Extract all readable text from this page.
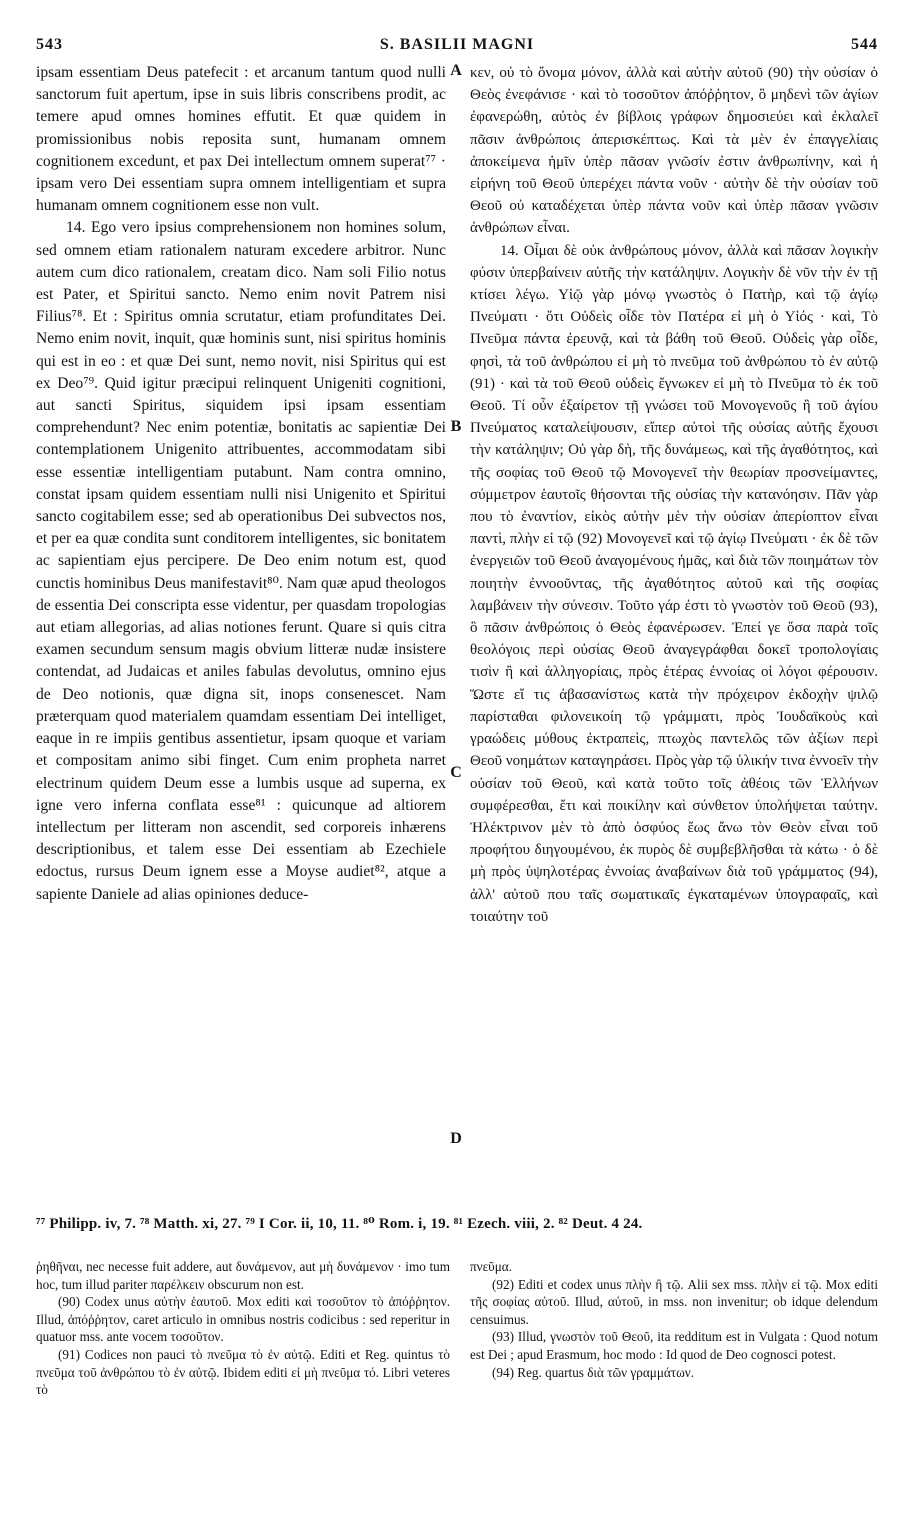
543	S. BASILII MAGNI	544

ipsam essentiam Deus patefecit : et arcanum tantum quod nulli sanctorum fuit apertum, ipse in suis libris conscribens prodit, ac temere apud omnes homines effutit. Et quæ quidem in promissionibus nobis reposita sunt, humanam omnem cognitionem excedunt, et pax Dei intellectum omnem superat⁷⁷ · ipsam vero Dei essentiam supra omnem intelligentiam et supra humanam omnem cognitionem esse non vult.

14. Ego vero ipsius comprehensionem non homines solum, sed omnem etiam rationalem naturam excedere arbitror. Nunc autem cum dico rationalem, creatam dico. Nam soli Filio notus est Pater, et Spiritui sancto. Nemo enim novit Patrem nisi Filius⁷⁸. Et : Spiritus omnia scrutatur, etiam profunditates Dei. Nemo enim novit, inquit, quæ hominis sunt, nisi spiritus hominis qui est in eo : et quæ Dei sunt, nemo novit, nisi Spiritus qui est ex Deo⁷⁹. Quid igitur præcipui relinquent Unigeniti cognitioni, aut sancti Spiritus, siquidem ipsi ipsam essentiam comprehendunt? Nec enim potentiæ, bonitatis ac sapientiæ Dei contemplationem Unigenito attribuentes, accommodatam sibi esse essentiæ intelligentiam putabunt. Nam contra omnino, constat ipsam quidem essentiam nulli nisi Unigenito et Spiritui sancto cogitabilem esse; sed ab operationibus Dei subvectos nos, et per ea quæ condita sunt conditorem intelligentes, sic bonitatem ac sapientiam ejus percipere. De Deo enim notum est, quod cunctis hominibus Deus manifestavit⁸⁰. Nam quæ apud theologos de essentia Dei conscripta esse videntur, per quasdam tropologias aut etiam allegorias, ad alias notiones ferunt. Quare si quis citra examen secundum sensum magis obvium litteræ nudæ insistere contendat, ad Judaicas et aniles fabulas devolutus, omnino ejus de Deo notionis, quæ digna sit, inops consenescet. Nam præterquam quod materialem quamdam essentiam Dei intelliget, eaque in re impiis gentibus assentietur, ipsam quoque et variam et compositam animo sibi finget. Cum enim propheta narret electrinum quidem Deum esse a lumbis usque ad superna, ex igne vero inferna conflata esse⁸¹ : quicunque ad altiorem intellectum per litteram non ascendit, sed corporeis inhærens descriptionibus, et talem esse Dei essentiam ab Ezechiele edoctus, rursus Deum ignem esse a Moyse audiet⁸², atque a sapiente Daniele ad alias opiniones deduce-

A
B
C
D

κεν, οὐ τὸ ὄνομα μόνον, ἀλλὰ καὶ αὐτὴν αὐτοῦ (90) τὴν οὐσίαν ὁ Θεὸς ἐνεφάνισε · καὶ τὸ τοσοῦτον ἀπόῤῥητον, ὃ μηδενὶ τῶν ἁγίων ἐφανερώθη, αὐτὸς ἐν βίβλοις γράφων δημοσιεύει καὶ ἐκλαλεῖ πᾶσιν ἀνθρώποις ἀπερισκέπτως. Καὶ τὰ μὲν ἐν ἐπαγγελίαις ἀποκείμενα ἡμῖν ὑπὲρ πᾶσαν γνῶσίν ἐστιν ἀνθρωπίνην, καὶ ἡ εἰρήνη τοῦ Θεοῦ ὑπερέχει πάντα νοῦν · αὐτὴν δὲ τὴν οὐσίαν τοῦ Θεοῦ οὐ καταδέχεται ὑπὲρ πάντα νοῦν καὶ ὑπὲρ πᾶσαν γνῶσιν ἀνθρώπων εἶναι.

14. Οἶμαι δὲ οὐκ ἀνθρώπους μόνον, ἀλλὰ καὶ πᾶσαν λογικὴν φύσιν ὑπερβαίνειν αὐτῆς τὴν κατάληψιν. Λογικὴν δὲ νῦν τὴν ἐν τῇ κτίσει λέγω. Υἱῷ γὰρ μόνῳ γνωστὸς ὁ Πατὴρ, καὶ τῷ ἁγίῳ Πνεύματι · ὅτι Οὐδεὶς οἶδε τὸν Πατέρα εἰ μὴ ὁ Υἱός · καὶ, Τὸ Πνεῦμα πάντα ἐρευνᾷ, καὶ τὰ βάθη τοῦ Θεοῦ. Οὐδεὶς γὰρ οἶδε, φησὶ, τὰ τοῦ ἀνθρώπου εἰ μὴ τὸ πνεῦμα τοῦ ἀνθρώπου τὸ ἐν αὐτῷ (91) · καὶ τὰ τοῦ Θεοῦ οὐδεὶς ἔγνωκεν εἰ μὴ τὸ Πνεῦμα τὸ ἐκ τοῦ Θεοῦ. Τί οὖν ἐξαίρετον τῇ γνώσει τοῦ Μονογενοῦς ἢ τοῦ ἁγίου Πνεύματος καταλείψουσιν, εἴπερ αὐτοὶ τῆς οὐσίας αὐτῆς ἔχουσι τὴν κατάληψιν; Οὐ γὰρ δὴ, τῆς δυνάμεως, καὶ τῆς ἀγαθότητος, καὶ τῆς σοφίας τοῦ Θεοῦ τῷ Μονογενεῖ τὴν θεωρίαν προσνείμαντες, σύμμετρον ἑαυτοῖς θήσονται τῆς οὐσίας τὴν κατανόησιν. Πᾶν γὰρ που τὸ ἐναντίον, εἰκὸς αὐτὴν μὲν τὴν οὐσίαν ἀπερίοπτον εἶναι παντὶ, πλὴν εἰ τῷ (92) Μονογενεῖ καὶ τῷ ἁγίῳ Πνεύματι · ἐκ δὲ τῶν ἐνεργειῶν τοῦ Θεοῦ ἀναγομένους ἡμᾶς, καὶ διὰ τῶν ποιημάτων τὸν ποιητὴν ἐννοοῦντας, τῆς ἀγαθότητος αὐτοῦ καὶ τῆς σοφίας λαμβάνειν τὴν σύνεσιν. Τοῦτο γάρ ἐστι τὸ γνωστὸν τοῦ Θεοῦ (93), ὃ πᾶσιν ἀνθρώποις ὁ Θεὸς ἐφανέρωσεν. Ἐπεί γε ὅσα παρὰ τοῖς θεολόγοις περὶ οὐσίας Θεοῦ ἀναγεγράφθαι δοκεῖ τροπολογίαις τισὶν ἢ καὶ ἀλληγορίαις, πρὸς ἑτέρας ἐννοίας οἱ λόγοι φέρουσιν. Ὥστε εἴ τις ἀβασανίστως κατὰ τὴν πρόχειρον ἐκδοχὴν ψιλῷ παρίσταθαι φιλονεικοίη τῷ γράμματι, πρὸς Ἰουδαϊκοὺς καὶ γραώδεις μύθους ἐκτραπεὶς, πτωχὸς παντελῶς τῶν ἀξίων περὶ Θεοῦ νοημάτων καταγηράσει. Πρὸς γὰρ τῷ ὑλικήν τινα ἐννοεῖν τὴν οὐσίαν τοῦ Θεοῦ, καὶ κατὰ τοῦτο τοῖς ἀθέοις τῶν Ἑλλήνων συμφέρεσθαι, ἔτι καὶ ποικίλην καὶ σύνθετον ὑπολήψεται ταύτην. Ἠλέκτρινον μὲν τὸ ἀπὸ ὀσφύος ἕως ἄνω τὸν Θεὸν εἶναι τοῦ προφήτου διηγουμένου, ἐκ πυρὸς δὲ συμβεβλῆσθαι τὰ κάτω · ὁ δὲ μὴ πρὸς ὑψηλοτέρας ἐννοίας ἀναβαίνων διὰ τοῦ γράμματος (94), ἀλλ' αὐτοῦ που ταῖς σωματικαῖς ἐγκαταμένων ὑπογραφαῖς, καὶ τοιαύτην τοῦ

⁷⁷ Philipp. iv, 7. ⁷⁸ Matth. xi, 27. ⁷⁹ I Cor. ii, 10, 11. ⁸⁰ Rom. i, 19. ⁸¹ Ezech. viii, 2. ⁸² Deut. 4 24.

ῥηθῆναι, nec necesse fuit addere, aut δυνάμενον, aut μὴ δυνάμενον · imo tum hoc, tum illud pariter παρέλκειν obscurum non est.

(90) Codex unus αὐτὴν ἑαυτοῦ. Mox editi καὶ τοσοῦτον τὸ ἀπόῤῥητον. Illud, ἀπόῤῥητον, caret articulo in omnibus nostris codicibus : sed reperitur in quatuor mss. ante vocem τοσοῦτον.

(91) Codices non pauci τὸ πνεῦμα τὸ ἐν αὐτῷ. Editi et Reg. quintus τὸ πνεῦμα τοῦ ἀνθρώπου τὸ ἐν αὐτῷ. Ibidem editi εἰ μὴ πνεῦμα τό. Libri veteres τὸ

πνεῦμα.

(92) Editi et codex unus πλὴν ἢ τῷ. Alii sex mss. πλὴν εἰ τῷ. Mox editi τῆς σοφίας αὐτοῦ. Illud, αὐτοῦ, in mss. non invenitur; ob idque delendum censuimus.

(93) Illud, γνωστὸν τοῦ Θεοῦ, ita redditum est in Vulgata : Quod notum est Dei ; apud Erasmum, hoc modo : Id quod de Deo cognosci potest.

(94) Reg. quartus διὰ τῶν γραμμάτων.
